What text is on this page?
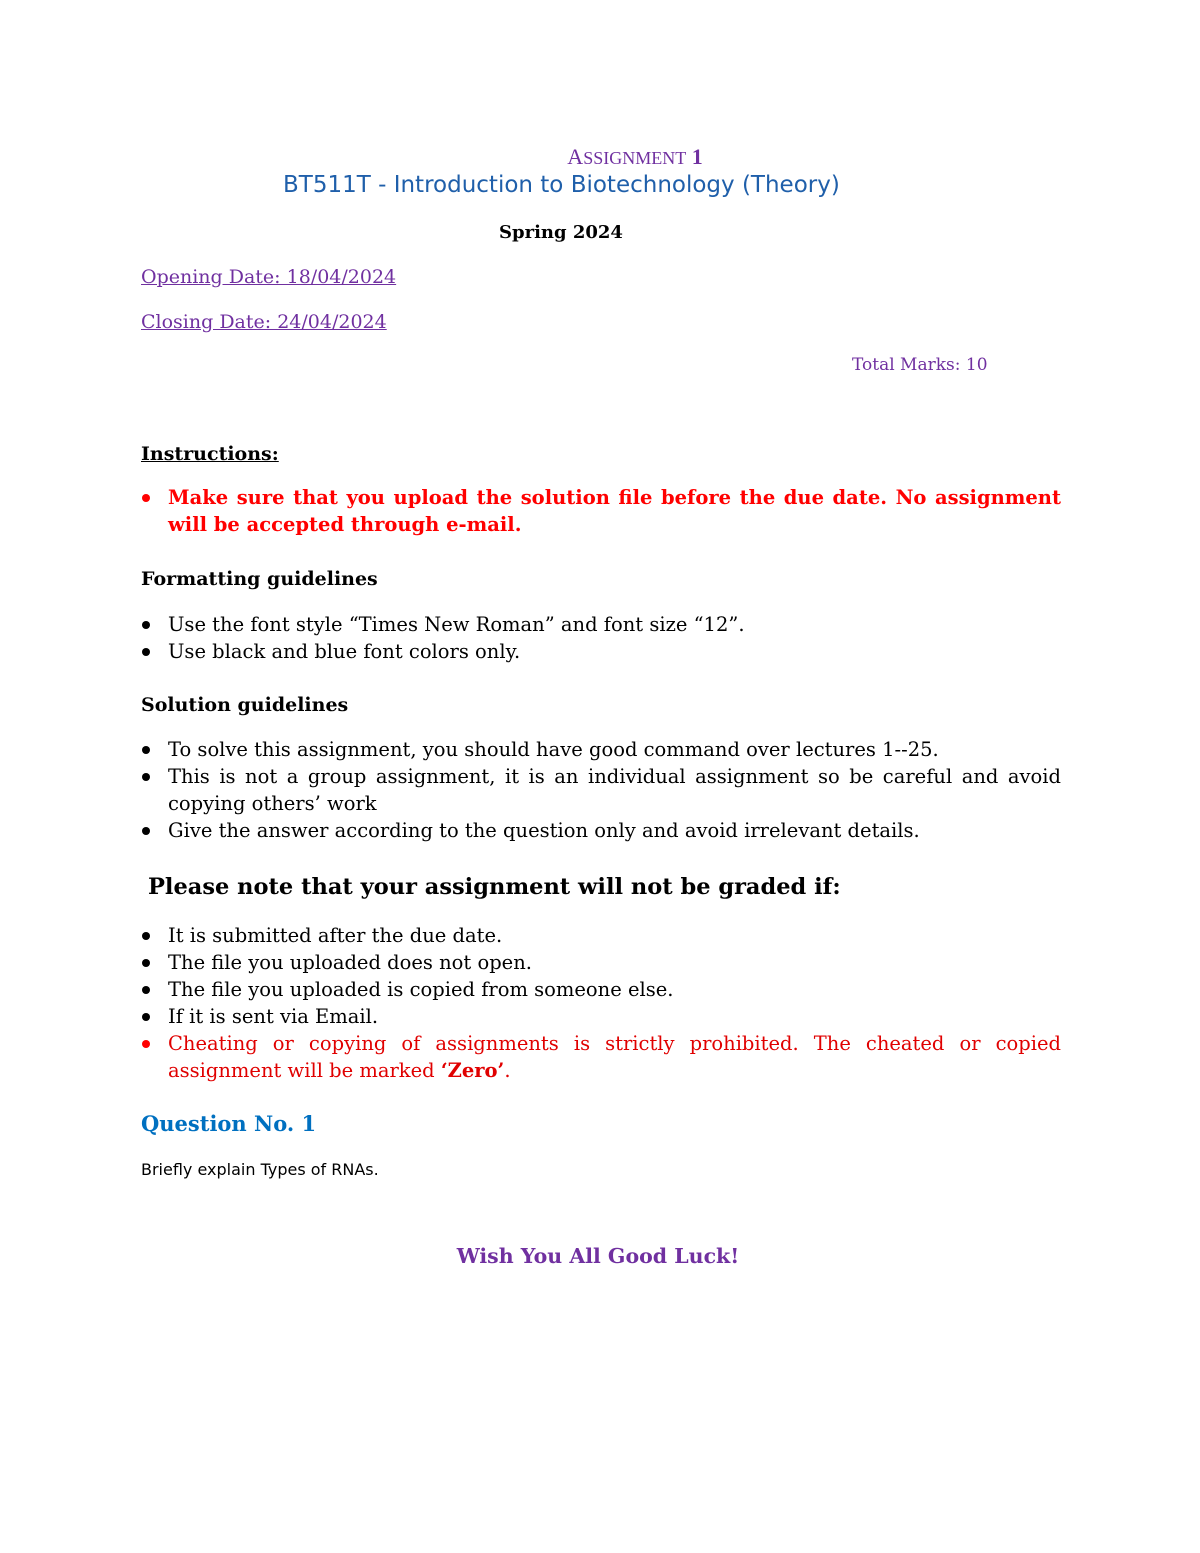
ASSIGNMENT 1
BT511T - Introduction to Biotechnology (Theory)
Spring 2024
Opening Date: 18/04/2024
Closing Date: 24/04/2024
Total Marks: 10
Instructions:
Make sure that you upload the solution file before the due date. No assignment will be accepted through e-mail.
Formatting guidelines
Use the font style “Times New Roman” and font size “12”.
Use black and blue font colors only.
Solution guidelines
To solve this assignment, you should have good command over lectures 1--25.
This is not a group assignment, it is an individual assignment so be careful and avoid copying others’ work
Give the answer according to the question only and avoid irrelevant details.
Please note that your assignment will not be graded if:
It is submitted after the due date.
The file you uploaded does not open.
The file you uploaded is copied from someone else.
If it is sent via Email.
Cheating or copying of assignments is strictly prohibited. The cheated or copied assignment will be marked ‘Zero’.
Question No. 1
Briefly explain Types of RNAs.
Wish You All Good Luck!
